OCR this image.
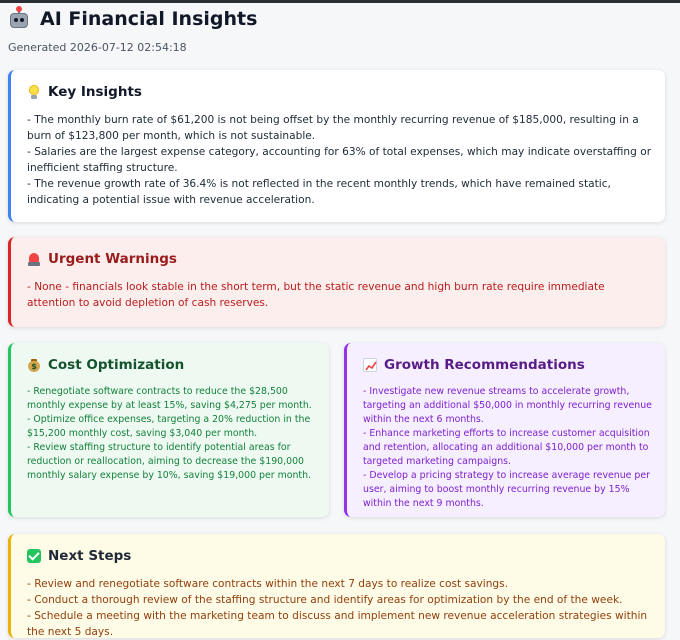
AI Financial Insights
Generated 2026-07-12 02:54:18
Key Insights
- The monthly burn rate of $61,200 is not being offset by the monthly recurring revenue of $185,000, resulting in a burn of $123,800 per month, which is not sustainable.
- Salaries are the largest expense category, accounting for 63% of total expenses, which may indicate overstaffing or inefficient staffing structure.
- The revenue growth rate of 36.4% is not reflected in the recent monthly trends, which have remained static, indicating a potential issue with revenue acceleration.
Urgent Warnings
- None - financials look stable in the short term, but the static revenue and high burn rate require immediate attention to avoid depletion of cash reserves.
$ Cost Optimization
- Renegotiate software contracts to reduce the $28,500 monthly expense by at least 15%, saving $4,275 per month.
- Optimize office expenses, targeting a 20% reduction in the $15,200 monthly cost, saving $3,040 per month.
- Review staffing structure to identify potential areas for reduction or reallocation, aiming to decrease the $190,000 monthly salary expense by 10%, saving $19,000 per month.
Growth Recommendations
- Investigate new revenue streams to accelerate growth, targeting an additional $50,000 in monthly recurring revenue within the next 6 months.
- Enhance marketing efforts to increase customer acquisition and retention, allocating an additional $10,000 per month to targeted marketing campaigns.
- Develop a pricing strategy to increase average revenue per user, aiming to boost monthly recurring revenue by 15% within the next 9 months.
Next Steps
- Review and renegotiate software contracts within the next 7 days to realize cost savings.
- Conduct a thorough review of the staffing structure and identify areas for optimization by the end of the week.
- Schedule a meeting with the marketing team to discuss and implement new revenue acceleration strategies within the next 5 days.
